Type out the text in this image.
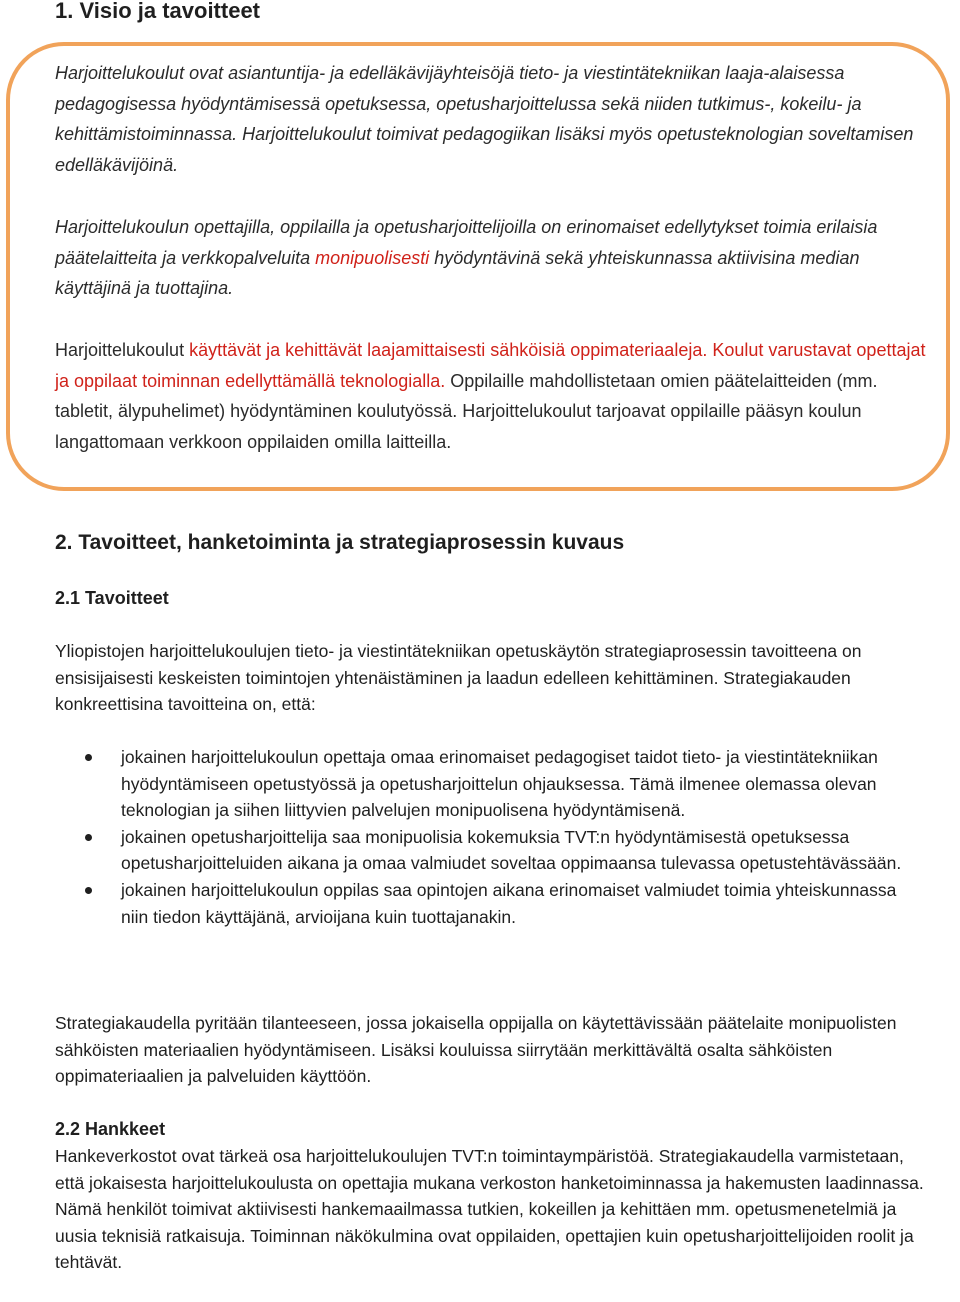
1. Visio ja tavoitteet

Harjoittelukoulut ovat asiantuntija- ja edelläkävijäyhteisöjä tieto- ja viestintätekniikan laaja-alaisessa pedagogisessa hyödyntämisessä opetuksessa, opetusharjoittelussa sekä niiden tutkimus-, kokeilu- ja kehittämistoiminnassa. Harjoittelukoulut toimivat pedagogiikan lisäksi myös opetusteknologian soveltamisen edelläkävijöinä.

Harjoittelukoulun opettajilla, oppilailla ja opetusharjoittelijoilla on erinomaiset edellytykset toimia erilaisia päätelaitteita ja verkkopalveluita monipuolisesti hyödyntävinä sekä yhteiskunnassa aktiivisina median käyttäjinä ja tuottajina.

Harjoittelukoulut käyttävät ja kehittävät laajamittaisesti sähköisiä oppimateriaaleja. Koulut varustavat opettajat ja oppilaat toiminnan edellyttämällä teknologialla. Oppilaille mahdollistetaan omien päätelaitteiden (mm. tabletit, älypuhelimet) hyödyntäminen koulutyössä. Harjoittelukoulut tarjoavat oppilaille pääsyn koulun langattomaan verkkoon oppilaiden omilla laitteilla.

2. Tavoitteet, hanketoiminta ja strategiaprosessin kuvaus
2.1 Tavoitteet

Yliopistojen harjoittelukoulujen tieto- ja viestintätekniikan opetuskäytön strategiaprosessin tavoitteena on ensisijaisesti keskeisten toimintojen yhtenäistäminen ja laadun edelleen kehittäminen. Strategiakauden konkreettisina tavoitteina on, että:

jokainen harjoittelukoulun opettaja omaa erinomaiset pedagogiset taidot tieto- ja viestintätekniikan hyödyntämiseen opetustyössä ja opetusharjoittelun ohjauksessa. Tämä ilmenee olemassa olevan teknologian ja siihen liittyvien palvelujen monipuolisena hyödyntämisenä.
jokainen opetusharjoittelija saa monipuolisia kokemuksia TVT:n hyödyntämisestä opetuksessa opetusharjoitteluiden aikana ja omaa valmiudet soveltaa oppimaansa tulevassa opetustehtävässään.
jokainen harjoittelukoulun oppilas saa opintojen aikana erinomaiset valmiudet toimia yhteiskunnassa niin tiedon käyttäjänä, arvioijana kuin tuottajanakin.

Strategiakaudella pyritään tilanteeseen, jossa jokaisella oppijalla on käytettävissään päätelaite monipuolisten sähköisten materiaalien hyödyntämiseen. Lisäksi kouluissa siirrytään merkittävältä osalta sähköisten oppimateriaalien ja palveluiden käyttöön.

2.2 Hankkeet

Hankeverkostot ovat tärkeä osa harjoittelukoulujen TVT:n toimintaympäristöä. Strategiakaudella varmistetaan, että jokaisesta harjoittelukoulusta on opettajia mukana verkoston hanketoiminnassa ja hakemusten laadinnassa. Nämä henkilöt toimivat aktiivisesti hankemaailmassa tutkien, kokeillen ja kehittäen mm. opetusmenetelmiä ja uusia teknisiä ratkaisuja. Toiminnan näkökulmina ovat oppilaiden, opettajien kuin opetusharjoittelijoiden roolit ja tehtävät.
